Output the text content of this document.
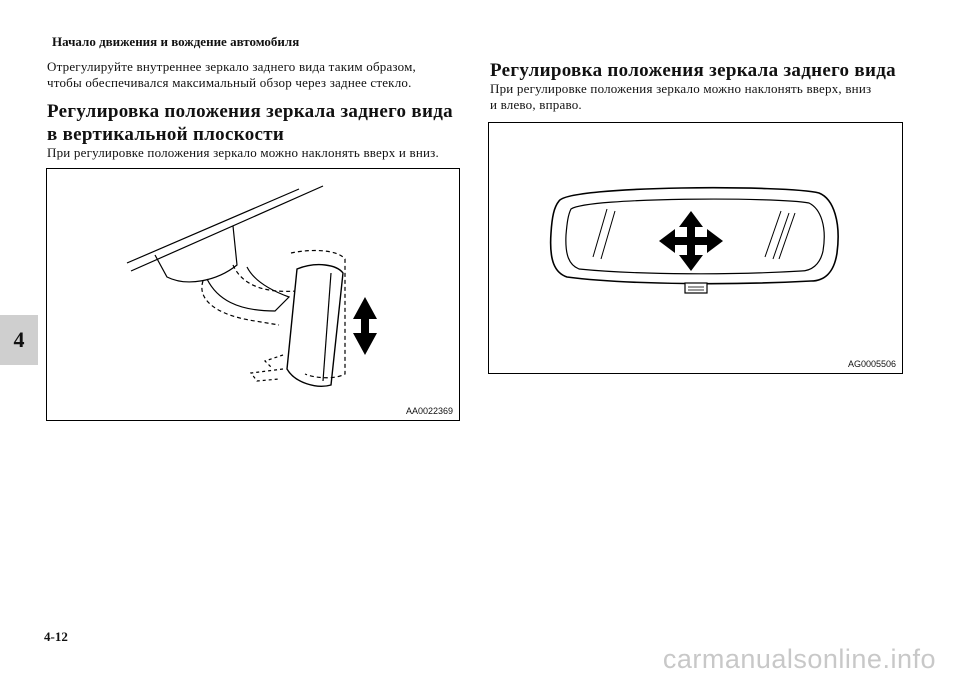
Начало движения и вождение автомобиля
4
Отрегулируйте внутреннее зеркало заднего вида таким образом,
чтобы обеспечивался максимальный обзор через заднее стекло.
Регулировка положения зеркала заднего вида
в вертикальной плоскости
При регулировке положения зеркало можно наклонять вверх и вниз.
AA0022369
Регулировка положения зеркала заднего вида
При регулировке положения зеркало можно наклонять вверх, вниз
и влево, вправо.
AG0005506
4-12
carmanualsonline.info
